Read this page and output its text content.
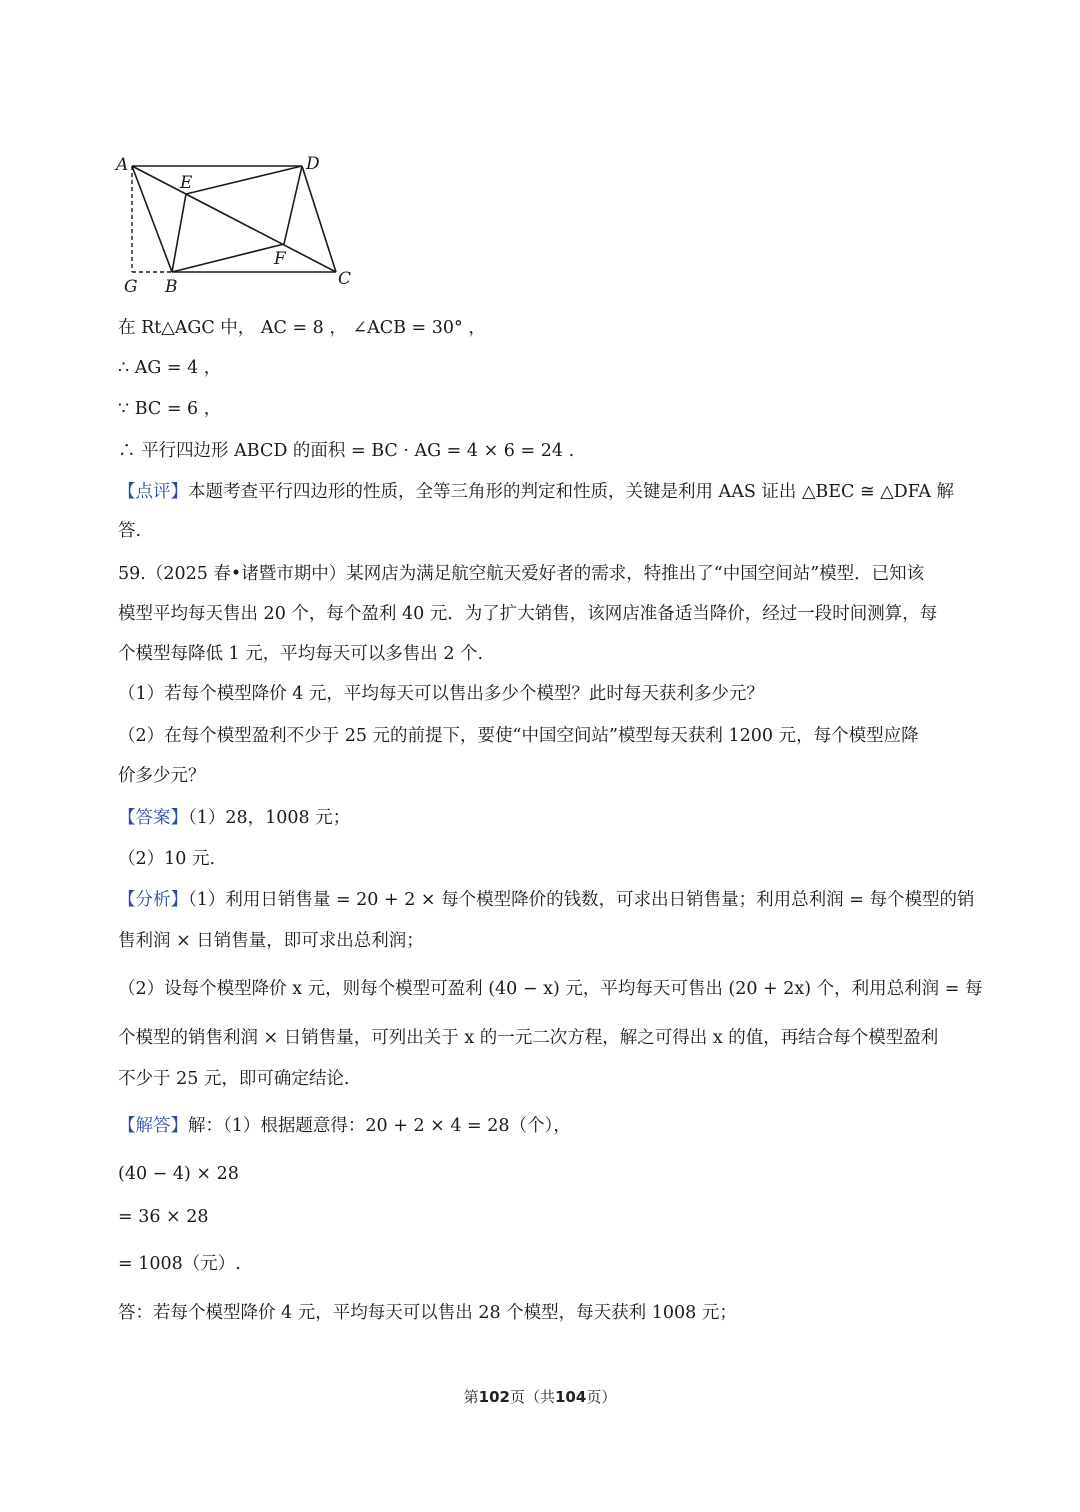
A	D
E
F
G B	C
在 Rt△AGC 中， AC = 8 ， ∠ACB = 30° ，
∴ AG = 4 ，
∵ BC = 6 ，
∴ 平行四边形 ABCD 的面积 = BC · AG = 4 × 6 = 24 .
【点评】本题考查平行四边形的性质，全等三角形的判定和性质，关键是利用 AAS 证出 △BEC ≅ △DFA 解
答.
59.（2025 春•诸暨市期中）某网店为满足航空航天爱好者的需求，特推出了“中国空间站”模型．已知该
模型平均每天售出 20 个，每个盈利 40 元．为了扩大销售，该网店准备适当降价，经过一段时间测算，每
个模型每降低 1 元，平均每天可以多售出 2 个.
（1）若每个模型降价 4 元，平均每天可以售出多少个模型？此时每天获利多少元？
（2）在每个模型盈利不少于 25 元的前提下，要使“中国空间站”模型每天获利 1200 元，每个模型应降
价多少元？
【答案】（1）28，1008 元；
（2）10 元.
【分析】（1）利用日销售量 = 20 + 2 × 每个模型降价的钱数，可求出日销售量；利用总利润 = 每个模型的销
售利润 × 日销售量，即可求出总利润；
（2）设每个模型降价 x 元，则每个模型可盈利 (40 − x) 元，平均每天可售出 (20 + 2x) 个，利用总利润 = 每
个模型的销售利润 × 日销售量，可列出关于 x 的一元二次方程，解之可得出 x 的值，再结合每个模型盈利
不少于 25 元，即可确定结论.
【解答】解：（1）根据题意得：20 + 2 × 4 = 28（个），
(40 − 4) × 28
= 36 × 28
= 1008（元）.
答：若每个模型降价 4 元，平均每天可以售出 28 个模型，每天获利 1008 元；
第102页（共104页）
